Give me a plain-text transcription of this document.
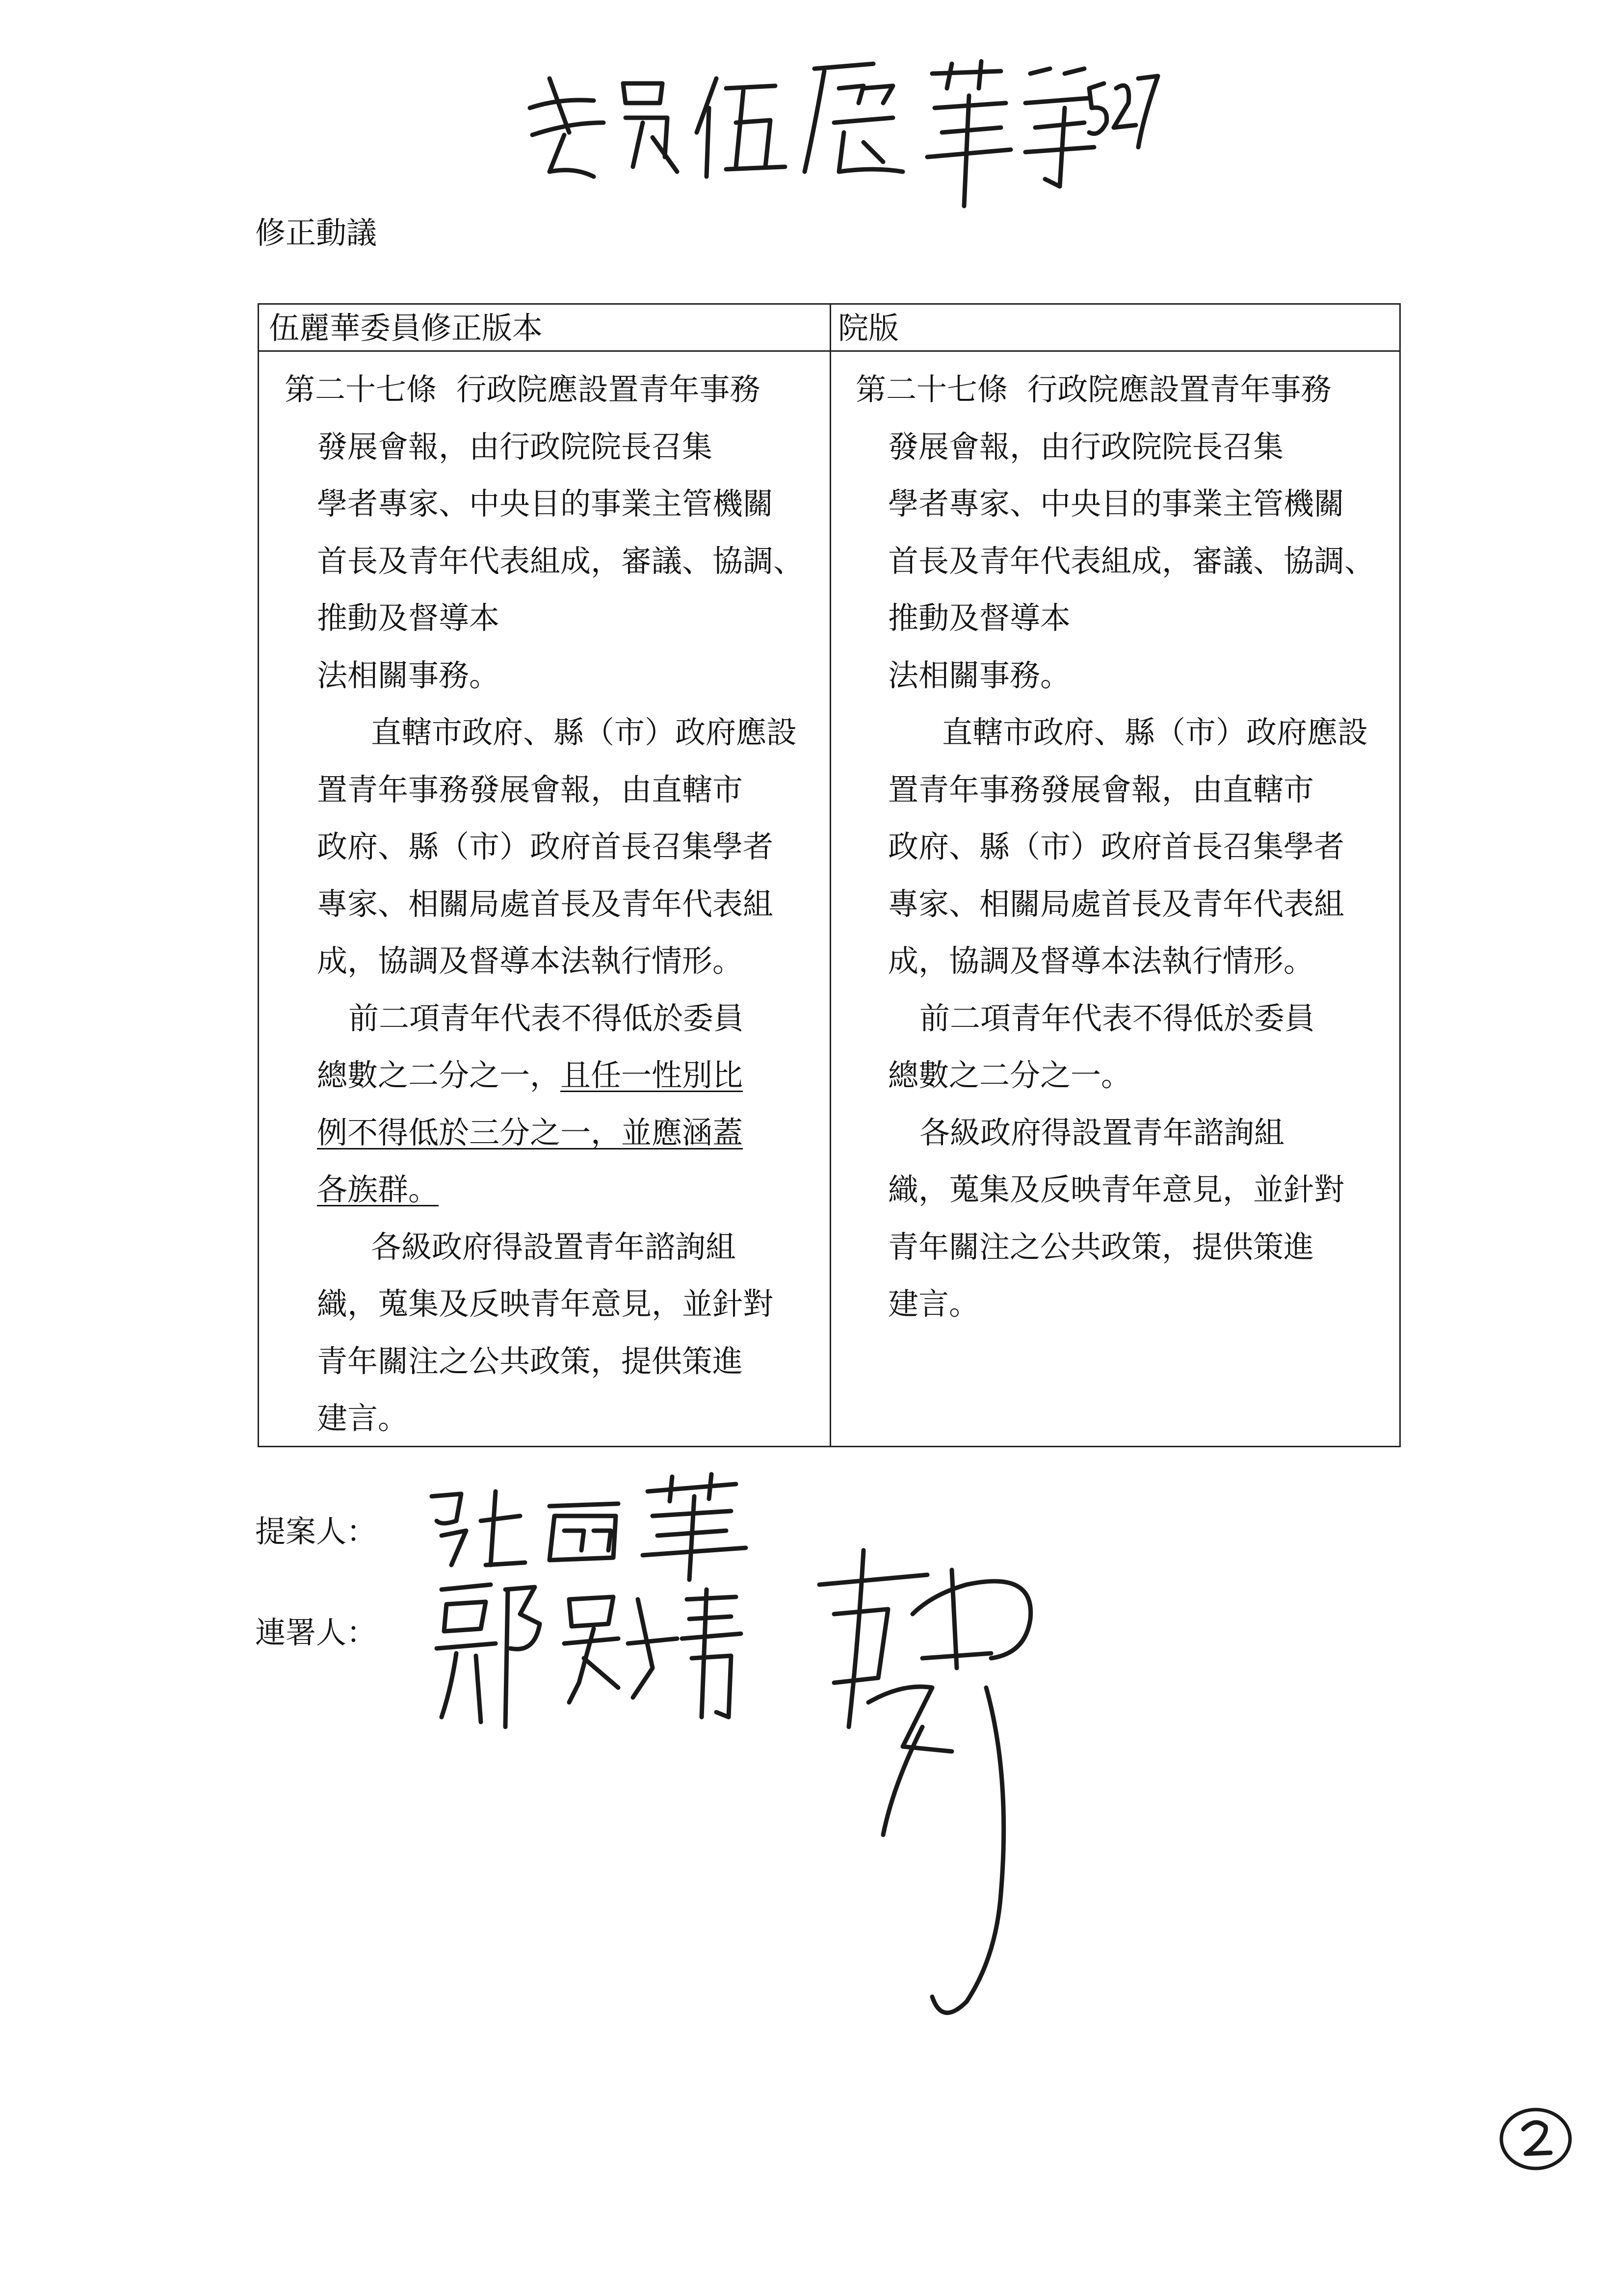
修正動議
伍麗華委員修正版本	院版

第二十七條 行政院應設置青年事務

發展會報，由行政院院長召集

學者專家、中央目的事業主管機關

首長及青年代表組成，審議、協調、

推動及督導本

法相關事務。

直轄市政府、縣（市）政府應設

置青年事務發展會報，由直轄市

政府、縣（市）政府首長召集學者

專家、相關局處首長及青年代表組

成，協調及督導本法執行情形。

前二項青年代表不得低於委員

總數之二分之一，且任一性別比

例不得低於三分之一，並應涵蓋

各族群。

各級政府得設置青年諮詢組

織，蒐集及反映青年意見，並針對

青年關注之公共政策，提供策進

建言。

第二十七條 行政院應設置青年事務

發展會報，由行政院院長召集

學者專家、中央目的事業主管機關

首長及青年代表組成，審議、協調、

推動及督導本

法相關事務。

直轄市政府、縣（市）政府應設

置青年事務發展會報，由直轄市

政府、縣（市）政府首長召集學者

專家、相關局處首長及青年代表組

成，協調及督導本法執行情形。

前二項青年代表不得低於委員

總數之二分之一。

各級政府得設置青年諮詢組

織，蒐集及反映青年意見，並針對

青年關注之公共政策，提供策進

建言。

提案人：
連署人：
